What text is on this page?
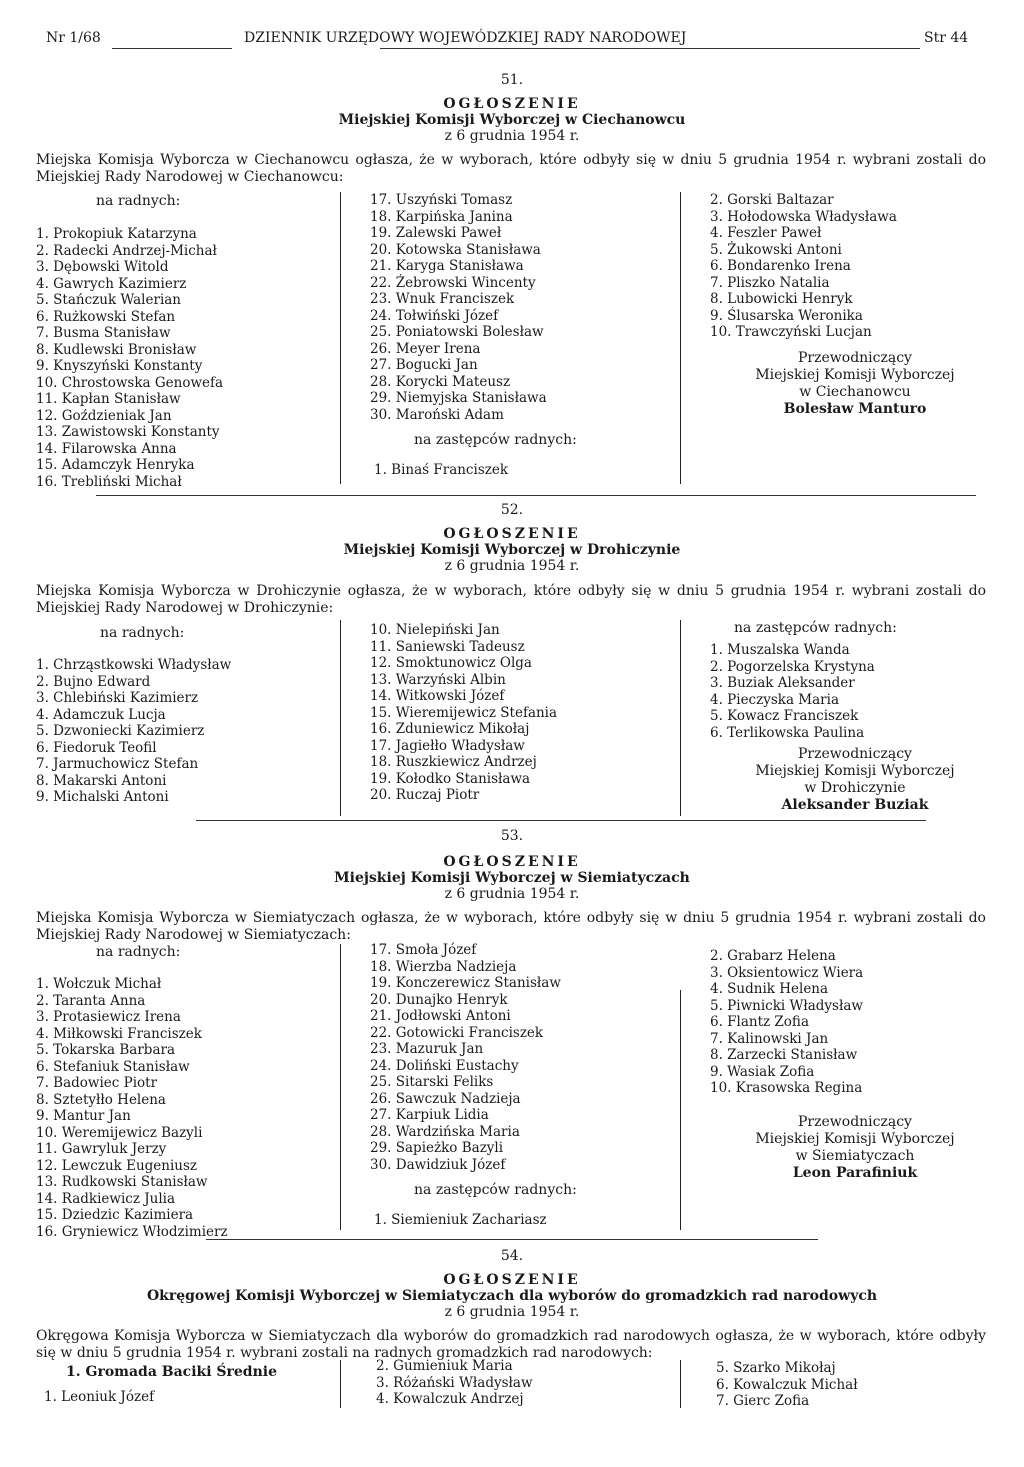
Nr 1/68	DZIENNIK URZĘDOWY WOJEWÓDZKIEJ RADY NARODOWEJ	Str 44
51.
OGŁOSZENIE
Miejskiej Komisji Wyborczej w Ciechanowcu
z 6 grudnia 1954 r.
Miejska Komisja Wyborcza w Ciechanowcu ogłasza, że w wyborach, które odbyły się w dniu 5 grudnia 1954 r. wybrani zostali do Miejskiej Rady Narodowej w Ciechanowcu:
na radnych:
1. Prokopiuk Katarzyna
2. Radecki Andrzej-Michał
3. Dębowski Witold
4. Gawrych Kazimierz
5. Stańczuk Walerian
6. Rużkowski Stefan
7. Busma Stanisław
8. Kudlewski Bronisław
9. Knyszyński Konstanty
10. Chrostowska Genowefa
11. Kapłan Stanisław
12. Goździeniak Jan
13. Zawistowski Konstanty
14. Filarowska Anna
15. Adamczyk Henryka
16. Trebliński Michał
17. Uszyński Tomasz
18. Karpińska Janina
19. Zalewski Paweł
20. Kotowska Stanisława
21. Karyga Stanisława
22. Żebrowski Wincenty
23. Wnuk Franciszek
24. Tołwiński Józef
25. Poniatowski Bolesław
26. Meyer Irena
27. Bogucki Jan
28. Korycki Mateusz
29. Niemyjska Stanisława
30. Maroński Adam
na zastępców radnych:
1. Binaś Franciszek
2. Gorski Baltazar
3. Hołodowska Władysława
4. Feszler Paweł
5. Żukowski Antoni
6. Bondarenko Irena
7. Pliszko Natalia
8. Lubowicki Henryk
9. Ślusarska Weronika
10. Trawczyński Lucjan
Przewodniczący
Miejskiej Komisji Wyborczej
w Ciechanowcu
Bolesław Manturo
52.
OGŁOSZENIE
Miejskiej Komisji Wyborczej w Drohiczynie
z 6 grudnia 1954 r.
Miejska Komisja Wyborcza w Drohiczynie ogłasza, że w wyborach, które odbyły się w dniu 5 grudnia 1954 r. wybrani zostali do Miejskiej Rady Narodowej w Drohiczynie:
na radnych:
1. Chrząstkowski Władysław
2. Bujno Edward
3. Chlebiński Kazimierz
4. Adamczuk Lucja
5. Dzwoniecki Kazimierz
6. Fiedoruk Teofil
7. Jarmuchowicz Stefan
8. Makarski Antoni
9. Michalski Antoni
10. Nielepiński Jan
11. Saniewski Tadeusz
12. Smoktunowicz Olga
13. Warzyński Albin
14. Witkowski Józef
15. Wieremijewicz Stefania
16. Zduniewicz Mikołaj
17. Jagiełło Władysław
18. Ruszkiewicz Andrzej
19. Kołodko Stanisława
20. Ruczaj Piotr
na zastępców radnych:
1. Muszalska Wanda
2. Pogorzelska Krystyna
3. Buziak Aleksander
4. Pieczyska Maria
5. Kowacz Franciszek
6. Terlikowska Paulina
Przewodniczący
Miejskiej Komisji Wyborczej
w Drohiczynie
Aleksander Buziak
53.
OGŁOSZENIE
Miejskiej Komisji Wyborczej w Siemiatyczach
z 6 grudnia 1954 r.
Miejska Komisja Wyborcza w Siemiatyczach ogłasza, że w wyborach, które odbyły się w dniu 5 grudnia 1954 r. wybrani zostali do Miejskiej Rady Narodowej w Siemiatyczach:
na radnych:
1. Wołczuk Michał
2. Taranta Anna
3. Protasiewicz Irena
4. Miłkowski Franciszek
5. Tokarska Barbara
6. Stefaniuk Stanisław
7. Badowiec Piotr
8. Sztetyłło Helena
9. Mantur Jan
10. Weremijewicz Bazyli
11. Gawryluk Jerzy
12. Lewczuk Eugeniusz
13. Rudkowski Stanisław
14. Radkiewicz Julia
15. Dziedzic Kazimiera
16. Gryniewicz Włodzimierz
17. Smoła Józef
18. Wierzba Nadzieja
19. Konczerewicz Stanisław
20. Dunajko Henryk
21. Jodłowski Antoni
22. Gotowicki Franciszek
23. Mazuruk Jan
24. Doliński Eustachy
25. Sitarski Feliks
26. Sawczuk Nadzieja
27. Karpiuk Lidia
28. Wardzińska Maria
29. Sapieżko Bazyli
30. Dawidziuk Józef
na zastępców radnych:
1. Siemieniuk Zachariasz
2. Grabarz Helena
3. Oksientowicz Wiera
4. Sudnik Helena
5. Piwnicki Władysław
6. Flantz Zofia
7. Kalinowski Jan
8. Zarzecki Stanisław
9. Wasiak Zofia
10. Krasowska Regina
Przewodniczący
Miejskiej Komisji Wyborczej
w Siemiatyczach
Leon Parafiniuk
54.
OGŁOSZENIE
Okręgowej Komisji Wyborczej w Siemiatyczach dla wyborów do gromadzkich rad narodowych
z 6 grudnia 1954 r.
Okręgowa Komisja Wyborcza w Siemiatyczach dla wyborów do gromadzkich rad narodowych ogłasza, że w wyborach, które odbyły się w dniu 5 grudnia 1954 r. wybrani zostali na radnych gromadzkich rad narodowych:
1. Gromada Bacіki Średnie
1. Leoniuk Józef
2. Gumieniuk Maria
3. Różański Władysław
4. Kowalczuk Andrzej
5. Szarko Mikołaj
6. Kowalczuk Michał
7. Gierc Zofia
